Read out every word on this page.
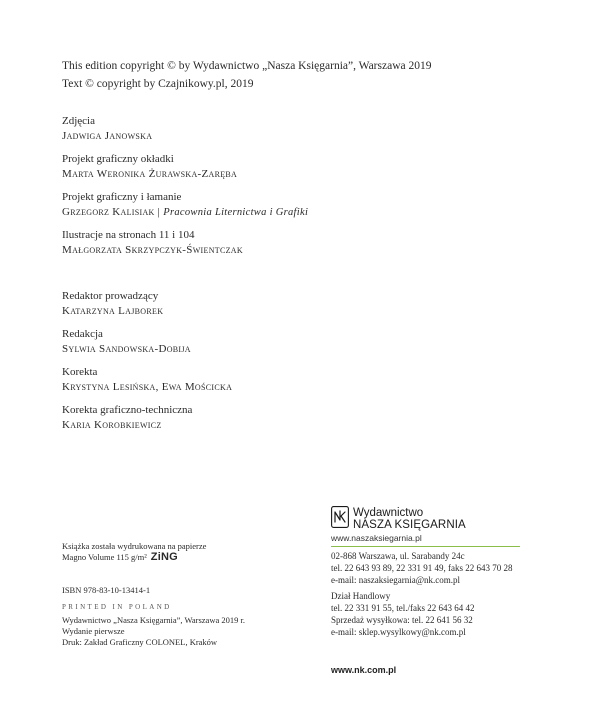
This edition copyright © by Wydawnictwo „Nasza Księgarnia”, Warszawa 2019
Text © copyright by Czajnikowy.pl, 2019
Zdjęcia
Jadwiga Janowska
Projekt graficzny okładki
Marta Weronika Żurawska-Zaręba
Projekt graficzny i łamanie
Grzegorz Kalisiak | Pracownia Liternictwa i Grafiki
Ilustracje na stronach 11 i 104
Małgorzata Skrzypczyk-Świentczak
Redaktor prowadzący
Katarzyna Lajborek
Redakcja
Sylwia Sandowska-Dobija
Korekta
Krystyna Lesińska, Ewa Mościcka
Korekta graficzno-techniczna
Karia Korobkiewicz
Książka została wydrukowana na papierze
Magno Volume 115 g/m² ZiNG
ISBN 978-83-10-13414-1
PRINTED IN POLAND
Wydawnictwo „Nasza Księgarnia”, Warszawa 2019 r.
Wydanie pierwsze
Druk: Zakład Graficzny COLONEL, Kraków
Wydawnictwo
NASZA KSIĘGARNIA
www.naszaksiegarnia.pl
02-868 Warszawa, ul. Sarabandy 24c
tel. 22 643 93 89, 22 331 91 49, faks 22 643 70 28
e-mail: naszaksiegarnia@nk.com.pl
Dział Handlowy
tel. 22 331 91 55, tel./faks 22 643 64 42
Sprzedaż wysyłkowa: tel. 22 641 56 32
e-mail: sklep.wysylkowy@nk.com.pl
www.nk.com.pl
